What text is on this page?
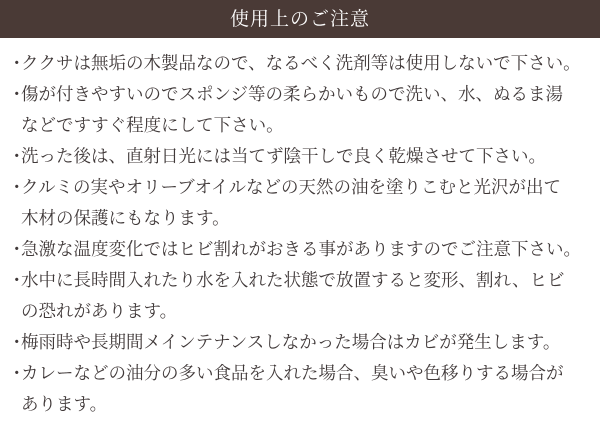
使用上のご注意
・
ククサは無垢の木製品なので、なるべく洗剤等は使用しないで下さい。
・
傷が付きやすいのでスポンジ等の柔らかいもので洗い、水、ぬるま湯
などですすぐ程度にして下さい。
・
洗った後は、直射日光には当てず陰干しで良く乾燥させて下さい。
・
クルミの実やオリーブオイルなどの天然の油を塗りこむと光沢が出て
木材の保護にもなります。
・
急激な温度変化ではヒビ割れがおきる事がありますのでご注意下さい。
・
水中に長時間入れたり水を入れた状態で放置すると変形、割れ、ヒビ
の恐れがあります。
・
梅雨時や長期間メインテナンスしなかった場合はカビが発生します。
・
カレーなどの油分の多い食品を入れた場合、臭いや色移りする場合が
あります。
